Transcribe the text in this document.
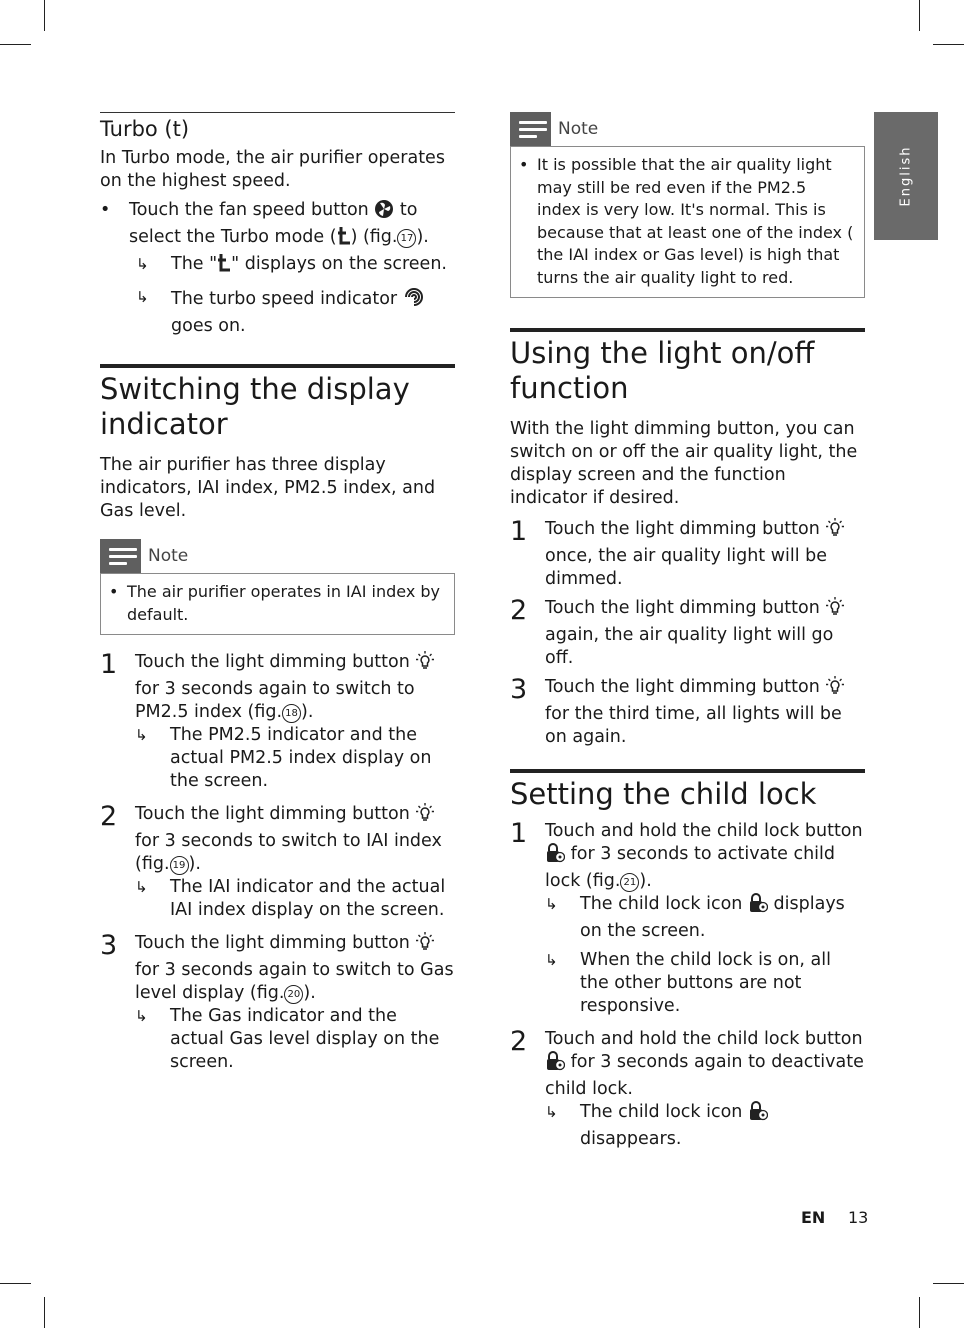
English
Turbo (t)

In Turbo mode, the air purifier operates on the highest speed.

•	Touch the fan speed button to select the Turbo mode ( ) (fig. 17 ).
↳	The " " displays on the screen.
↳	The turbo speed indicator  goes on.
Switching the display indicator

The air purifier has three display indicators, IAI index, PM2.5 index, and Gas level.

Note
• The air purifier operates in IAI index by default.
1	Touch the light dimming button  for 3 seconds again to switch to PM2.5 index (fig. 18 ).
↳	The PM2.5 indicator and the actual PM2.5 index display on the screen.
2	Touch the light dimming button  for 3 seconds to switch to IAI index (fig. 19 ).
↳	The IAI indicator and the actual IAI index display on the screen.
3	Touch the light dimming button  for 3 seconds again to switch to Gas level display (fig. 20 ).
↳	The Gas indicator and the actual Gas level display on the screen.
Note
• It is possible that the air quality light may still be red even if the PM2.5 index is very low. It's normal. This is because that at least one of the index ( the IAI index or Gas level) is high that turns the air quality light to red.
Using the light on/off function

With the light dimming button, you can switch on or off the air quality light, the display screen and the function indicator if desired.

1	Touch the light dimming button  once, the air quality light will be dimmed.
2	Touch the light dimming button  again, the air quality light will go off.
3	Touch the light dimming button  for the third time, all lights will be on again.
Setting the child lock
1	Touch and hold the child lock button  for 3 seconds to activate child lock (fig. 21 ).
↳	The child lock icon displays on the screen.
↳	When the child lock is on, all the other buttons are not responsive.
2	Touch and hold the child lock button  for 3 seconds again to deactivate child lock.
↳	The child lock icon  disappears.
EN 13
